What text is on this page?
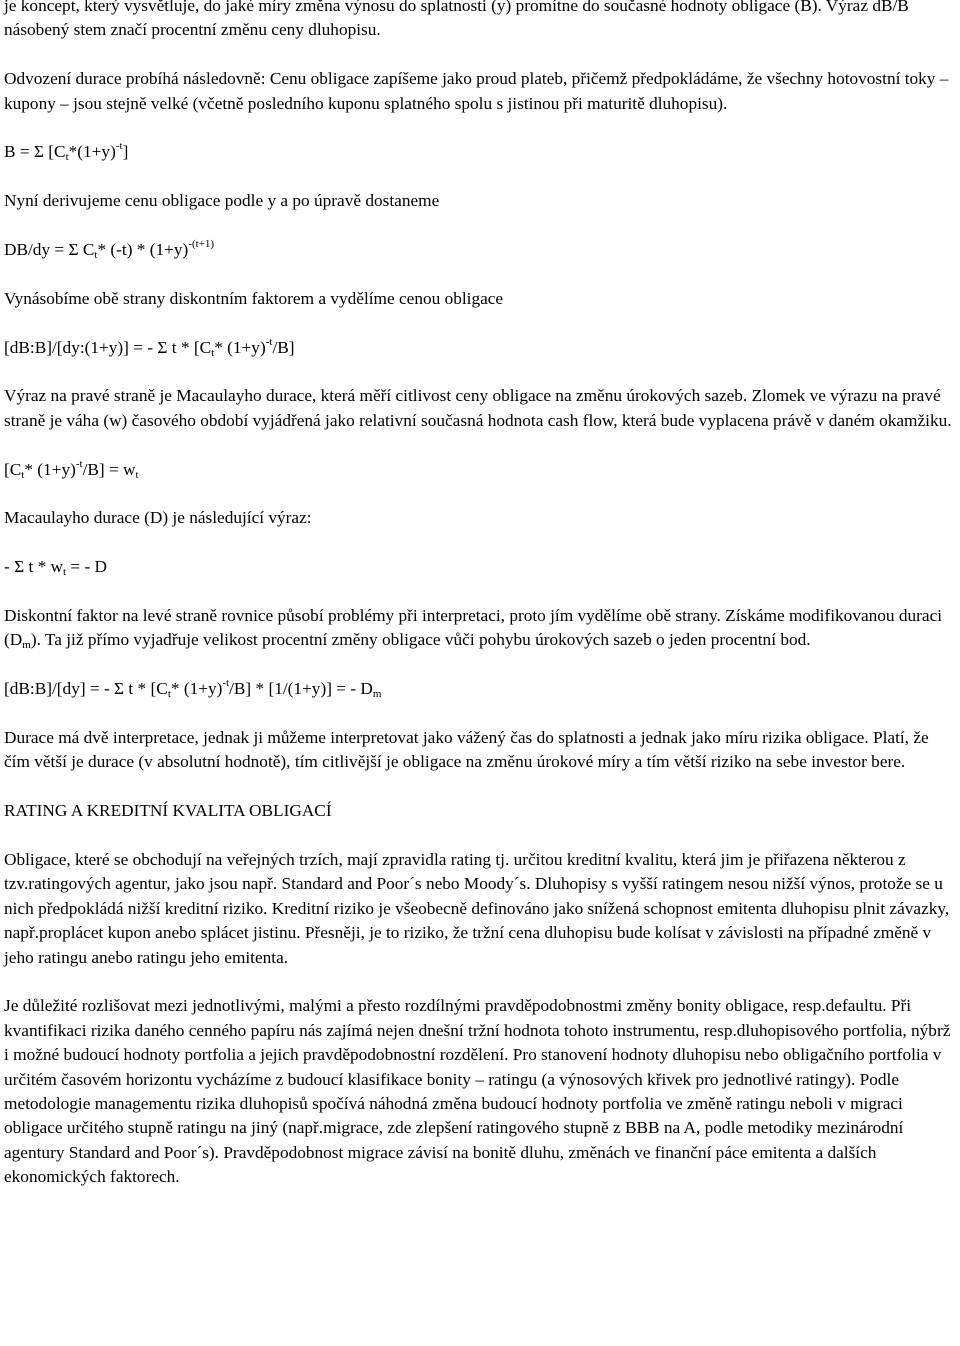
je koncept, který vysvětluje, do jaké míry změna výnosu do splatnosti (y) promítne do současné hodnoty obligace (B). Výraz dB/B násobený stem značí procentní změnu ceny dluhopisu.

Odvození durace probíhá následovně: Cenu obligace zapíšeme jako proud plateb, přičemž předpokládáme, že všechny hotovostní toky – kupony – jsou stejně velké (včetně posledního kuponu splatného spolu s jistinou při maturitě dluhopisu).

B = Σ $[C_t*(1+y)^{-t}]$

Nyní derivujeme cenu obligace podle y a po úpravě dostaneme

DB/dy = Σ $C_t*$ $(-t) * (1+y)^{-(t+1)}$

Vynásobíme obě strany diskontním faktorem a vydělíme cenou obligace

[dB:B]/[dy:(1+y)] = - Σ t * [$C_t*$ $(1+y)^{-t}/B$]

Výraz na pravé straně je Macaulayho durace, která měří citlivost ceny obligace na změnu úrokových sazeb. Zlomek ve výrazu na pravé straně je váha (w) časového období vyjádřená jako relativní současná hodnota cash flow, která bude vyplacena právě v daném okamžiku.

[$C_t*$ $(1+y)^{-t}/B] = w_t$

Macaulayho durace (D) je následující výraz:

- Σ t * $w_t$ = - D

Diskontní faktor na levé straně rovnice působí problémy při interpretaci, proto jím vydělíme obě strany. Získáme modifikovanou duraci $(D_m)$. Ta již přímo vyjadřuje velikost procentní změny obligace vůči pohybu úrokových sazeb o jeden procentní bod.

[dB:B]/[dy] = - Σ t * [$C_t*$ $(1+y)^{-t}/B] * [1/(1+y)]$ = - $D_m$

Durace má dvě interpretace, jednak ji můžeme interpretovat jako vážený čas do splatnosti a jednak jako míru rizika obligace. Platí, že čím větší je durace (v absolutní hodnotě), tím citlivější je obligace na změnu úrokové míry a tím větší riziko na sebe investor bere.

RATING A KREDITNÍ KVALITA OBLIGACÍ

Obligace, které se obchodují na veřejných trzích, mají zpravidla rating tj. určitou kreditní kvalitu, která jim je přiřazena některou z tzv.ratingových agentur, jako jsou např. Standard and Poor´s nebo Moody´s. Dluhopisy s vyšší ratingem nesou nižší výnos, protože se u nich předpokládá nižší kreditní riziko. Kreditní riziko je všeobecně definováno jako snížená schopnost emitenta dluhopisu plnit závazky, např.proplácet kupon anebo splácet jistinu. Přesněji, je to riziko, že tržní cena dluhopisu bude kolísat v závislosti na případné změně v jeho ratingu anebo ratingu jeho emitenta.

Je důležité rozlišovat mezi jednotlivými, malými a přesto rozdílnými pravděpodobnostmi změny bonity obligace, resp.defaultu. Při kvantifikaci rizika daného cenného papíru nás zajímá nejen dnešní tržní hodnota tohoto instrumentu, resp.dluhopisového portfolia, nýbrž i možné budoucí hodnoty portfolia a jejich pravděpodobnostní rozdělení. Pro stanovení hodnoty dluhopisu nebo obligačního portfolia v určitém časovém horizontu vycházíme z budoucí klasifikace bonity – ratingu (a výnosových křivek pro jednotlivé ratingy). Podle metodologie managementu rizika dluhopisů spočívá náhodná změna budoucí hodnoty portfolia ve změně ratingu neboli v migraci obligace určitého stupně ratingu na jiný (např.migrace, zde zlepšení ratingového stupně z BBB na A, podle metodiky mezinárodní agentury Standard and Poor´s). Pravděpodobnost migrace závisí na bonitě dluhu, změnách ve finanční páce emitenta a dalších ekonomických faktorech.
